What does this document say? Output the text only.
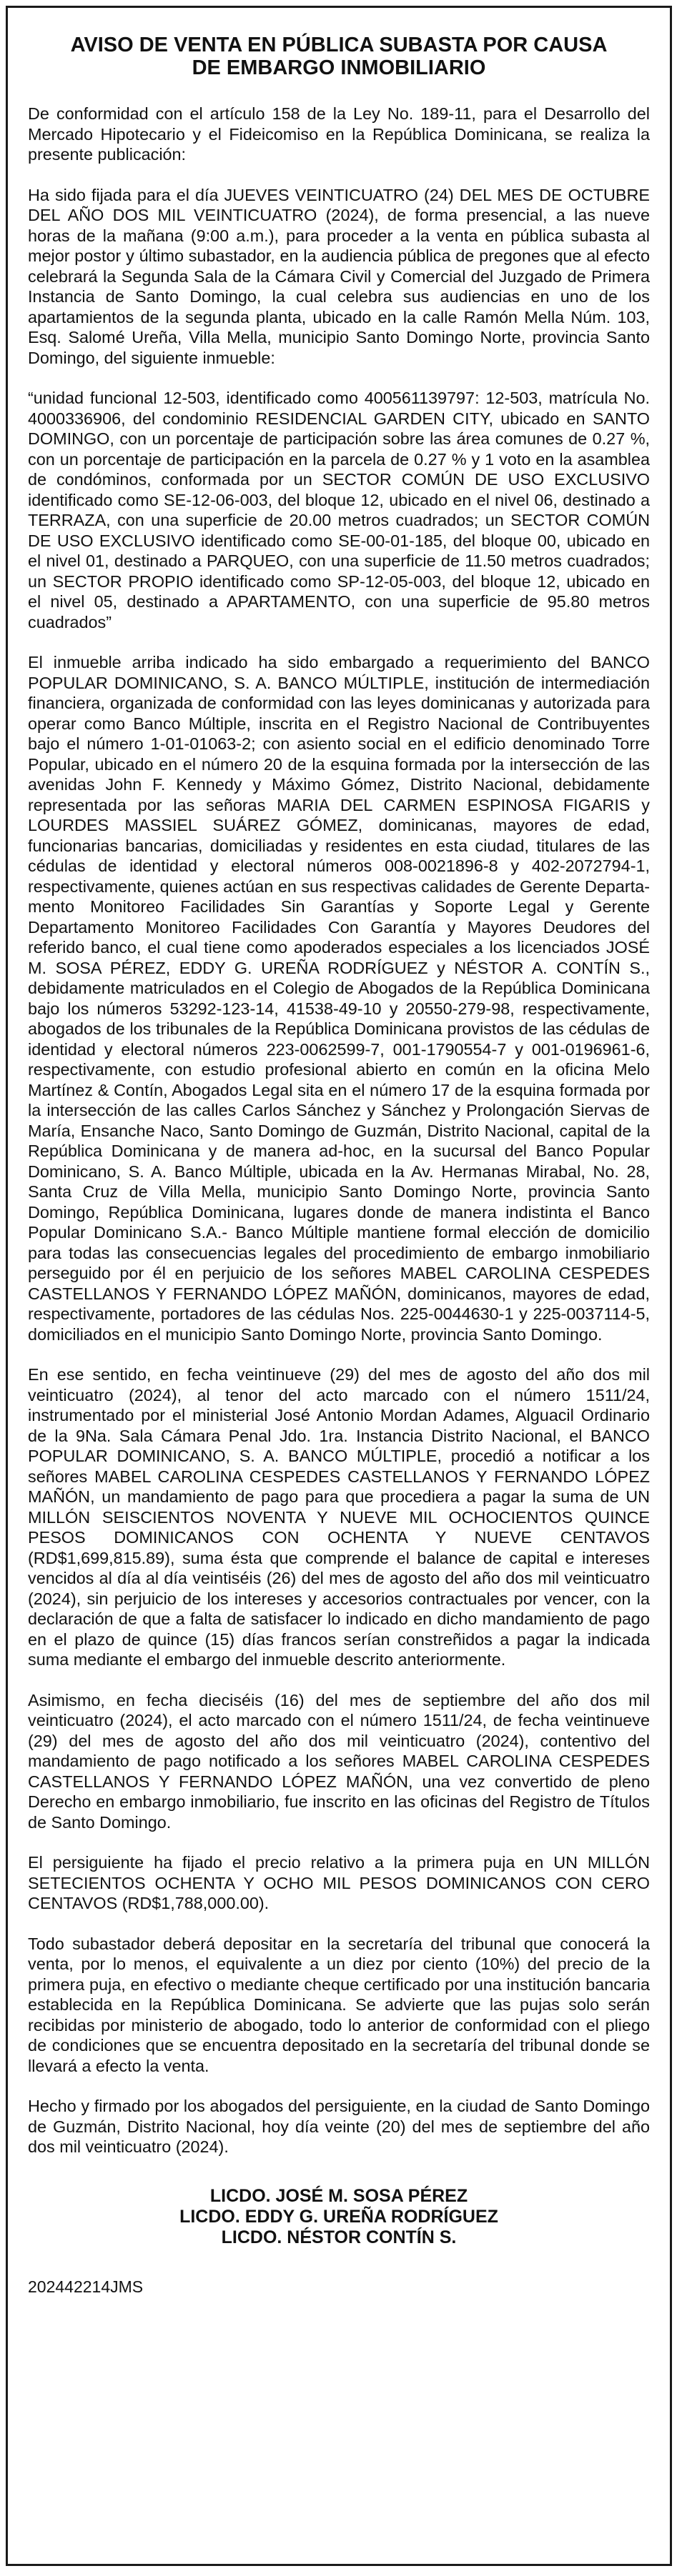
AVISO DE VENTA EN PÚBLICA SUBASTA POR CAUSA
DE EMBARGO INMOBILIARIO

De conformidad con el artículo 158 de la Ley No. 189-11, para el Desarrollo del Mercado Hipotecario y el Fideicomiso en la República Dominicana, se realiza la presente publicación:

Ha sido fijada para el día JUEVES VEINTICUATRO (24) DEL MES DE OCTUBRE DEL AÑO DOS MIL VEINTICUATRO (2024), de forma presencial, a las nueve horas de la mañana (9:00 a.m.), para proceder a la venta en pública subasta al mejor postor y último subastador, en la audiencia pública de pregones que al efecto celebrará la Segunda Sala de la Cámara Civil y Comercial del Juzgado de Primera Instancia de Santo Domingo, la cual celebra sus audiencias en uno de los apartamientos de la segunda planta, ubicado en la calle Ramón Mella Núm. 103, Esq. Salomé Ureña, Villa Mella, municipio Santo Domingo Norte, provincia Santo Domingo, del siguiente inmueble:

“unidad funcional 12-503, identificado como 400561139797: 12-503, matrícula No. 4000336906, del condominio RESIDENCIAL GARDEN CITY, ubicado en SANTO DOMINGO, con un porcentaje de participación sobre las área comunes de 0.27 %, con un porcentaje de participación en la parcela de 0.27 % y 1 voto en la asamblea de condóminos, conformada por un SECTOR COMÚN DE USO EXCLUSIVO identificado como SE-12-06-003, del bloque 12, ubicado en el nivel 06, destinado a TERRAZA, con una superficie de 20.00 metros cuadrados; un SECTOR COMÚN DE USO EXCLUSIVO identificado como SE-00-01-185, del bloque 00, ubicado en el nivel 01, destinado a PARQUEO, con una superficie de 11.50 metros cuadrados; un SECTOR PROPIO identificado como SP-12-05-003, del bloque 12, ubicado en el nivel 05, destinado a APARTAMENTO, con una superficie de 95.80 metros cuadrados”

El inmueble arriba indicado ha sido embargado a requerimiento del BANCO POPULAR DOMINICANO, S. A. BANCO MÚLTIPLE, institución de intermediación financiera, organizada de conformidad con las leyes dominicanas y autorizada para operar como Banco Múltiple, inscrita en el Registro Nacional de Contribuyentes bajo el número 1-01-01063-2; con asiento social en el edificio denominado Torre Popular, ubicado en el número 20 de la esquina formada por la intersección de las avenidas John F. Kennedy y Máximo Gómez, Distrito Nacional, debidamente representada por las señoras MARIA DEL CARMEN ESPINOSA FIGARIS y LOURDES MASSIEL SUÁREZ GÓMEZ, dominicanas, mayores de edad, funcionarias bancarias, domiciliadas y residentes en esta ciudad, titulares de las cédulas de identidad y electoral números 008-0021896-8 y 402-2072794-1, respectivamente, quienes actúan en sus respectivas calidades de Gerente Departamento Monitoreo Facilidades Sin Garantías y Soporte Legal y Gerente Departamento Monitoreo Facilidades Con Garantía y Mayores Deudores del referido banco, el cual tiene como apoderados especiales a los licenciados JOSÉ M. SOSA PÉREZ, EDDY G. UREÑA RODRÍGUEZ y NÉSTOR A. CONTÍN S., debidamente matriculados en el Colegio de Abogados de la República Dominicana bajo los números 53292-123-14, 41538-49-10 y 20550-279-98, respectivamente, abogados de los tribunales de la República Dominicana provistos de las cédulas de identidad y electoral números 223-0062599-7, 001-1790554-7 y 001-0196961-6, respectivamente, con estudio profesional abierto en común en la oficina Melo Martínez & Contín, Abogados Legal sita en el número 17 de la esquina formada por la intersección de las calles Carlos Sánchez y Sánchez y Prolongación Siervas de María, Ensanche Naco, Santo Domingo de Guzmán, Distrito Nacional, capital de la República Dominicana y de manera ad-hoc, en la sucursal del Banco Popular Dominicano, S. A. Banco Múltiple, ubicada en la Av. Hermanas Mirabal, No. 28, Santa Cruz de Villa Mella, municipio Santo Domingo Norte, provincia Santo Domingo, República Dominicana, lugares donde de manera indistinta el Banco Popular Dominicano S.A.- Banco Múltiple mantiene formal elección de domicilio para todas las consecuencias legales del procedimiento de embargo inmobiliario perseguido por él en perjuicio de los señores MABEL CAROLINA CESPEDES CASTELLANOS Y FERNANDO LÓPEZ MAÑÓN, dominicanos, mayores de edad, respectivamente, portadores de las cédulas Nos. 225-0044630-1 y 225-0037114-5, domiciliados en el municipio Santo Domingo Norte, provincia Santo Domingo.

En ese sentido, en fecha veintinueve (29) del mes de agosto del año dos mil veinticuatro (2024), al tenor del acto marcado con el número 1511/24, instrumentado por el ministerial José Antonio Mordan Adames, Alguacil Ordinario de la 9Na. Sala Cámara Penal Jdo. 1ra. Instancia Distrito Nacional, el BANCO POPULAR DOMINICANO, S. A. BANCO MÚLTIPLE, procedió a notificar a los señores MABEL CAROLINA CESPEDES CASTELLANOS Y FERNANDO LÓPEZ MAÑÓN, un mandamiento de pago para que procediera a pagar la suma de UN MILLÓN SEISCIENTOS NOVENTA Y NUEVE MIL OCHOCIENTOS QUINCE PESOS DOMINICANOS CON OCHENTA Y NUEVE CENTAVOS (RD$1,699,815.89), suma ésta que comprende el balance de capital e intereses vencidos al día al día veintiséis (26) del mes de agosto del año dos mil veinticuatro (2024), sin perjuicio de los intereses y accesorios contractuales por vencer, con la declaración de que a falta de satisfacer lo indicado en dicho mandamiento de pago en el plazo de quince (15) días francos serían constreñidos a pagar la indicada suma mediante el embargo del inmueble descrito anteriormente.

Asimismo, en fecha dieciséis (16) del mes de septiembre del año dos mil veinticuatro (2024), el acto marcado con el número 1511/24, de fecha veintinueve (29) del mes de agosto del año dos mil veinticuatro (2024), contentivo del mandamiento de pago notificado a los señores MABEL CAROLINA CESPEDES CASTELLANOS Y FERNANDO LÓPEZ MAÑÓN, una vez convertido de pleno Derecho en embargo inmobiliario, fue inscrito en las oficinas del Registro de Títulos de Santo Domingo.

El persiguiente ha fijado el precio relativo a la primera puja en UN MILLÓN SETECIENTOS OCHENTA Y OCHO MIL PESOS DOMINICANOS CON CERO CENTAVOS (RD$1,788,000.00).

Todo subastador deberá depositar en la secretaría del tribunal que conocerá la venta, por lo menos, el equivalente a un diez por ciento (10%) del precio de la primera puja, en efectivo o mediante cheque certificado por una institución bancaria establecida en la República Dominicana. Se advierte que las pujas solo serán recibidas por ministerio de abogado, todo lo anterior de conformidad con el pliego de condiciones que se encuentra depositado en la secretaría del tribunal donde se llevará a efecto la venta.

Hecho y firmado por los abogados del persiguiente, en la ciudad de Santo Domingo de Guzmán, Distrito Nacional, hoy día veinte (20) del mes de septiembre del año dos mil veinticuatro (2024).

LICDO. JOSÉ M. SOSA PÉREZ
LICDO. EDDY G. UREÑA RODRÍGUEZ
LICDO. NÉSTOR CONTÍN S.
202442214JMS
